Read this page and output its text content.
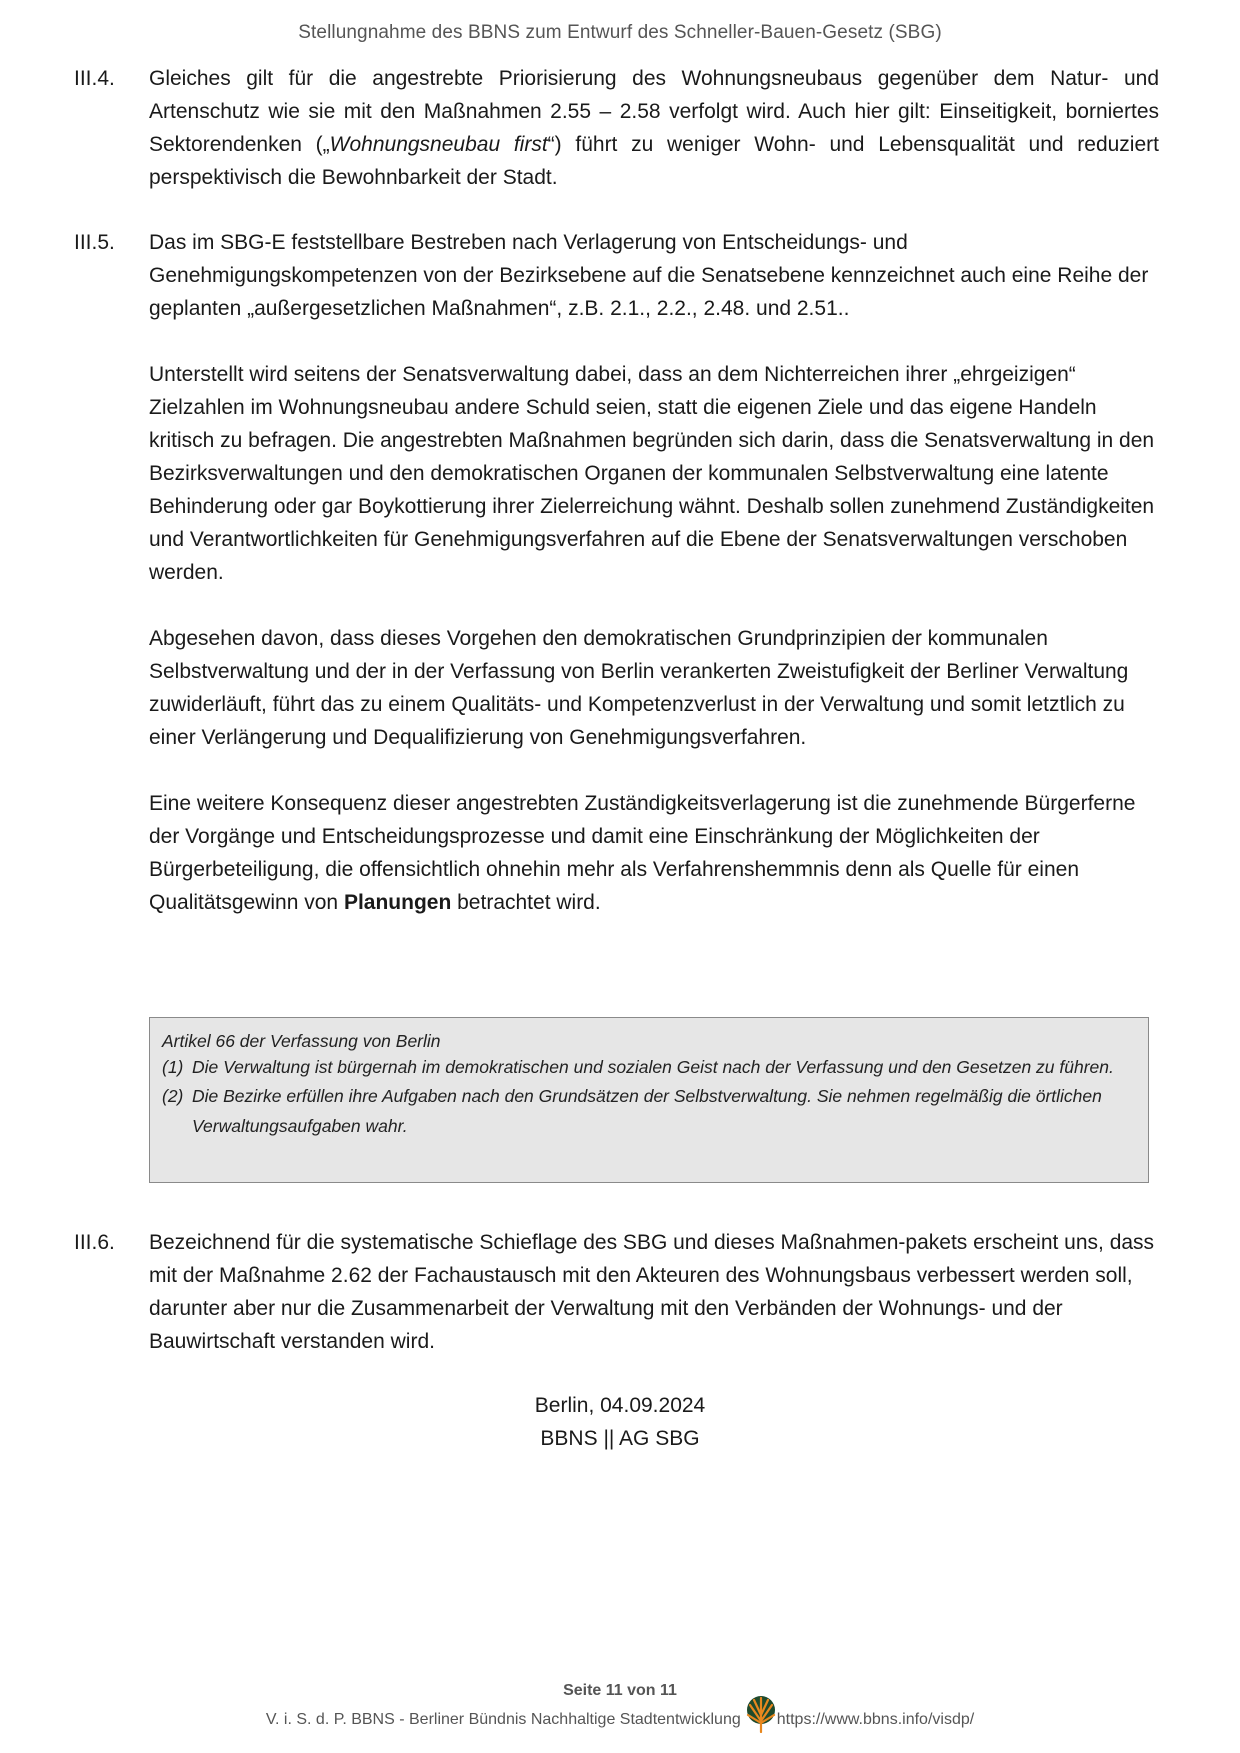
Stellungnahme des BBNS zum Entwurf des Schneller-Bauen-Gesetz (SBG)
III.4. Gleiches gilt für die angestrebte Priorisierung des Wohnungsneubaus gegenüber dem Natur- und Artenschutz wie sie mit den Maßnahmen 2.55 – 2.58 verfolgt wird. Auch hier gilt: Einseitigkeit, borniertes Sektorendenken („Wohnungsneubau first“) führt zu weniger Wohn- und Lebensqualität und reduziert perspektivisch die Bewohnbarkeit der Stadt.

III.5. Das im SBG-E feststellbare Bestreben nach Verlagerung von Entscheidungs- und Genehmigungskompetenzen von der Bezirksebene auf die Senatsebene kennzeichnet auch eine Reihe der geplanten „außergesetzlichen Maßnahmen“, z.B. 2.1., 2.2., 2.48. und 2.51..

Unterstellt wird seitens der Senatsverwaltung dabei, dass an dem Nichterreichen ihrer „ehrgeizigen“ Zielzahlen im Wohnungsneubau andere Schuld seien, statt die eigenen Ziele und das eigene Handeln kritisch zu befragen. Die angestrebten Maßnahmen begründen sich darin, dass die Senatsverwaltung in den Bezirksverwaltungen und den demokratischen Organen der kommunalen Selbstverwaltung eine latente Behinderung oder gar Boykottierung ihrer Zielerreichung wähnt. Deshalb sollen zunehmend Zuständigkeiten und Verantwortlichkeiten für Genehmigungsverfahren auf die Ebene der Senatsverwaltungen verschoben werden.

Abgesehen davon, dass dieses Vorgehen den demokratischen Grundprinzipien der kommunalen Selbstverwaltung und der in der Verfassung von Berlin verankerten Zweistufigkeit der Berliner Verwaltung zuwiderläuft, führt das zu einem Qualitäts- und Kompetenzverlust in der Verwaltung und somit letztlich zu einer Verlängerung und Dequalifizierung von Genehmigungsverfahren.

Eine weitere Konsequenz dieser angestrebten Zuständigkeitsverlagerung ist die zunehmende Bürgerferne der Vorgänge und Entscheidungsprozesse und damit eine Einschränkung der Möglichkeiten der Bürgerbeteiligung, die offensichtlich ohnehin mehr als Verfahrenshemmnis denn als Quelle für einen Qualitätsgewinn von Planungen betrachtet wird.

Artikel 66 der Verfassung von Berlin
(1) Die Verwaltung ist bürgernah im demokratischen und sozialen Geist nach der Verfassung und den Gesetzen zu führen.
(2) Die Bezirke erfüllen ihre Aufgaben nach den Grundsätzen der Selbstverwaltung. Sie nehmen regelmäßig die örtlichen Verwaltungsaufgaben wahr.
III.6. Bezeichnend für die systematische Schieflage des SBG und dieses Maßnahmen-pakets erscheint uns, dass mit der Maßnahme 2.62 der Fachaustausch mit den Akteuren des Wohnungsbaus verbessert werden soll, darunter aber nur die Zusammenarbeit der Verwaltung mit den Verbänden der Wohnungs- und der Bauwirtschaft verstanden wird.

Berlin, 04.09.2024
BBNS || AG SBG
Seite 11 von 11
V. i. S. d. P. BBNS - Berliner Bündnis Nachhaltige Stadtentwicklung https://www.bbns.info/visdp/
